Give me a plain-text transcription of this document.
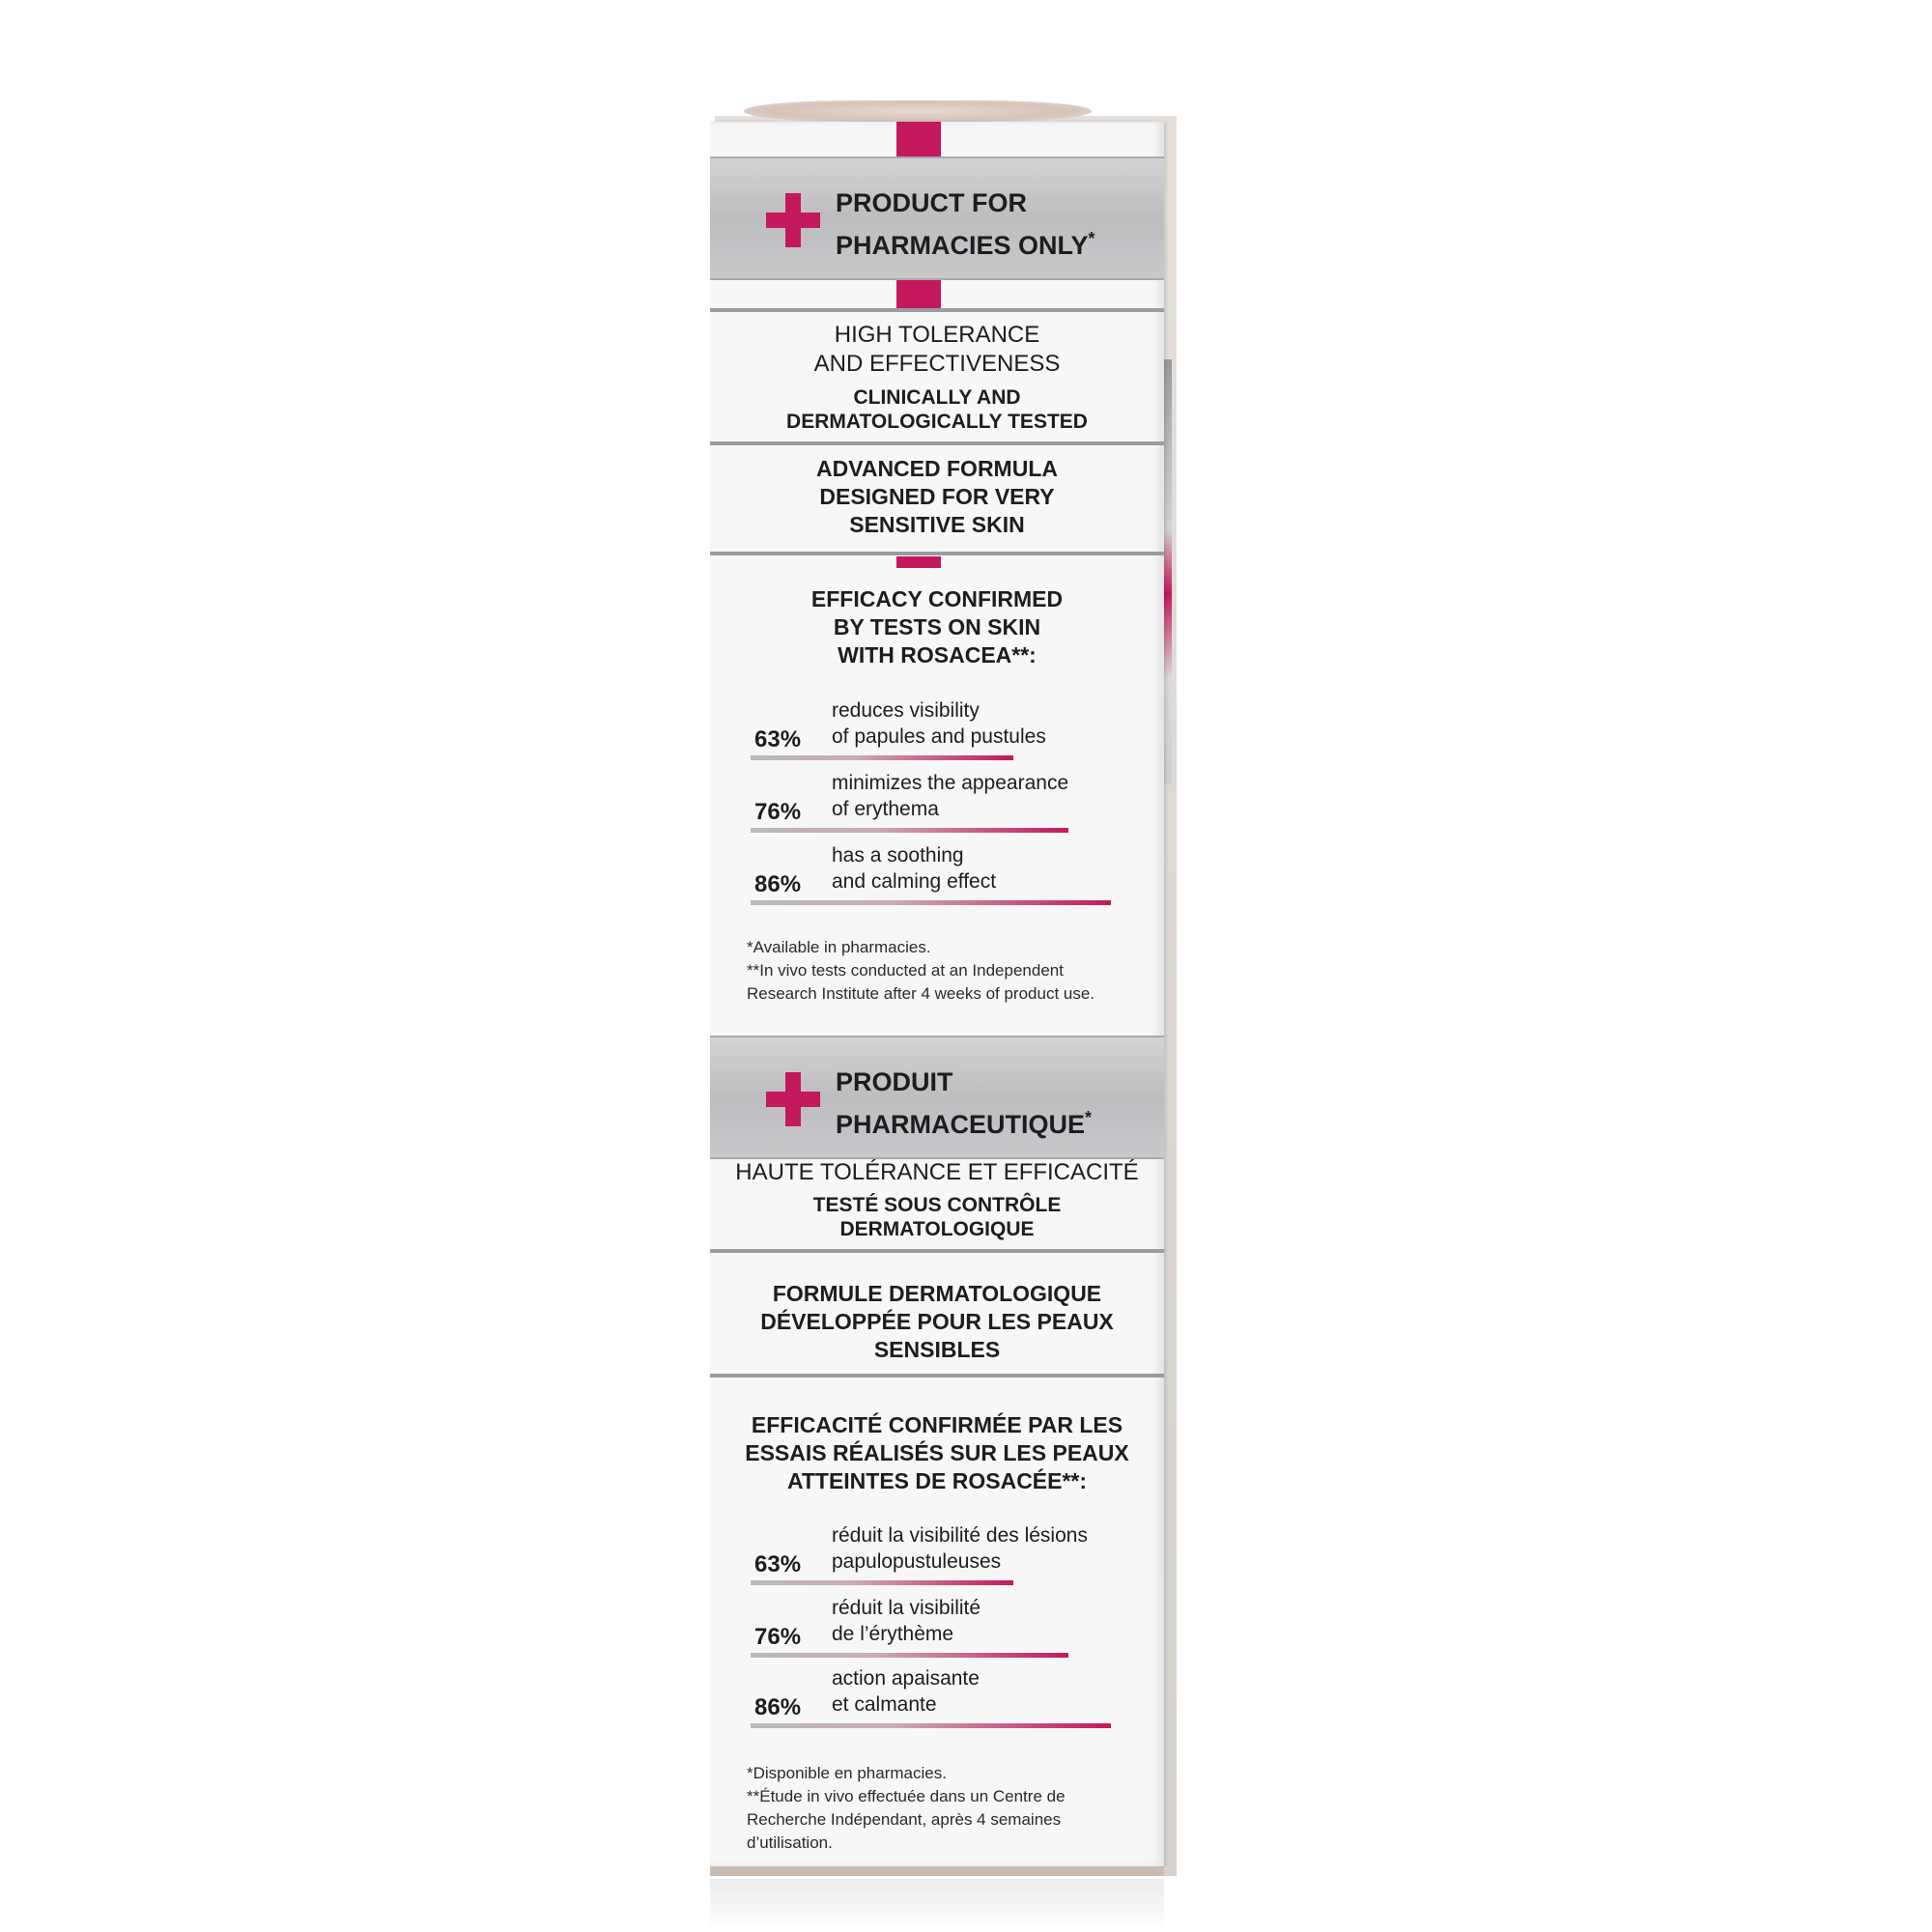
PRODUCT FOR
PHARMACIES ONLY*
HIGH TOLERANCE
AND EFFECTIVENESS
CLINICALLY AND
DERMATOLOGICALLY TESTED
ADVANCED FORMULA
DESIGNED FOR VERY
SENSITIVE SKIN
EFFICACY CONFIRMED
BY TESTS ON SKIN
WITH ROSACEA**:
63%
reduces visibility
of papules and pustules
76%
minimizes the appearance
of erythema
86%
has a soothing
and calming effect
*Available in pharmacies.
**In vivo tests conducted at an Independent
Research Institute after 4 weeks of product use.
PRODUIT
PHARMACEUTIQUE*
HAUTE TOLÉRANCE ET EFFICACITÉ
TESTÉ SOUS CONTRÔLE
DERMATOLOGIQUE
FORMULE DERMATOLOGIQUE
DÉVELOPPÉE POUR LES PEAUX
SENSIBLES
EFFICACITÉ CONFIRMÉE PAR LES
ESSAIS RÉALISÉS SUR LES PEAUX
ATTEINTES DE ROSACÉE**:
63%
réduit la visibilité des lésions
papulopustuleuses
76%
réduit la visibilité
de l’érythème
86%
action apaisante
et calmante
*Disponible en pharmacies.
**Étude in vivo effectuée dans un Centre de
Recherche Indépendant, après 4 semaines
d’utilisation.
